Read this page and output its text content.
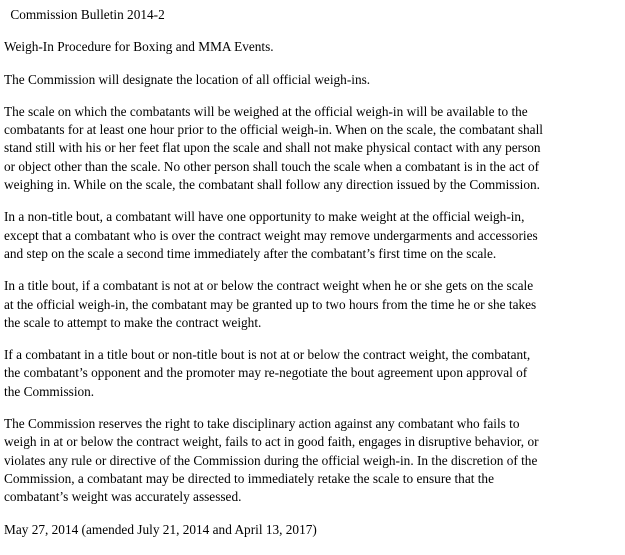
Commission Bulletin 2014-2

Weigh-In Procedure for Boxing and MMA Events.

The Commission will designate the location of all official weigh-ins.

The scale on which the combatants will be weighed at the official weigh-in will be available to the
combatants for at least one hour prior to the official weigh-in. When on the scale, the combatant shall
stand still with his or her feet flat upon the scale and shall not make physical contact with any person
or object other than the scale. No other person shall touch the scale when a combatant is in the act of
weighing in. While on the scale, the combatant shall follow any direction issued by the Commission.

In a non-title bout, a combatant will have one opportunity to make weight at the official weigh-in,
except that a combatant who is over the contract weight may remove undergarments and accessories
and step on the scale a second time immediately after the combatant’s first time on the scale.

In a title bout, if a combatant is not at or below the contract weight when he or she gets on the scale
at the official weigh-in, the combatant may be granted up to two hours from the time he or she takes
the scale to attempt to make the contract weight.

If a combatant in a title bout or non-title bout is not at or below the contract weight, the combatant,
the combatant’s opponent and the promoter may re-negotiate the bout agreement upon approval of
the Commission.

The Commission reserves the right to take disciplinary action against any combatant who fails to
weigh in at or below the contract weight, fails to act in good faith, engages in disruptive behavior, or
violates any rule or directive of the Commission during the official weigh-in. In the discretion of the
Commission, a combatant may be directed to immediately retake the scale to ensure that the
combatant’s weight was accurately assessed.

May 27, 2014 (amended July 21, 2014 and April 13, 2017)
